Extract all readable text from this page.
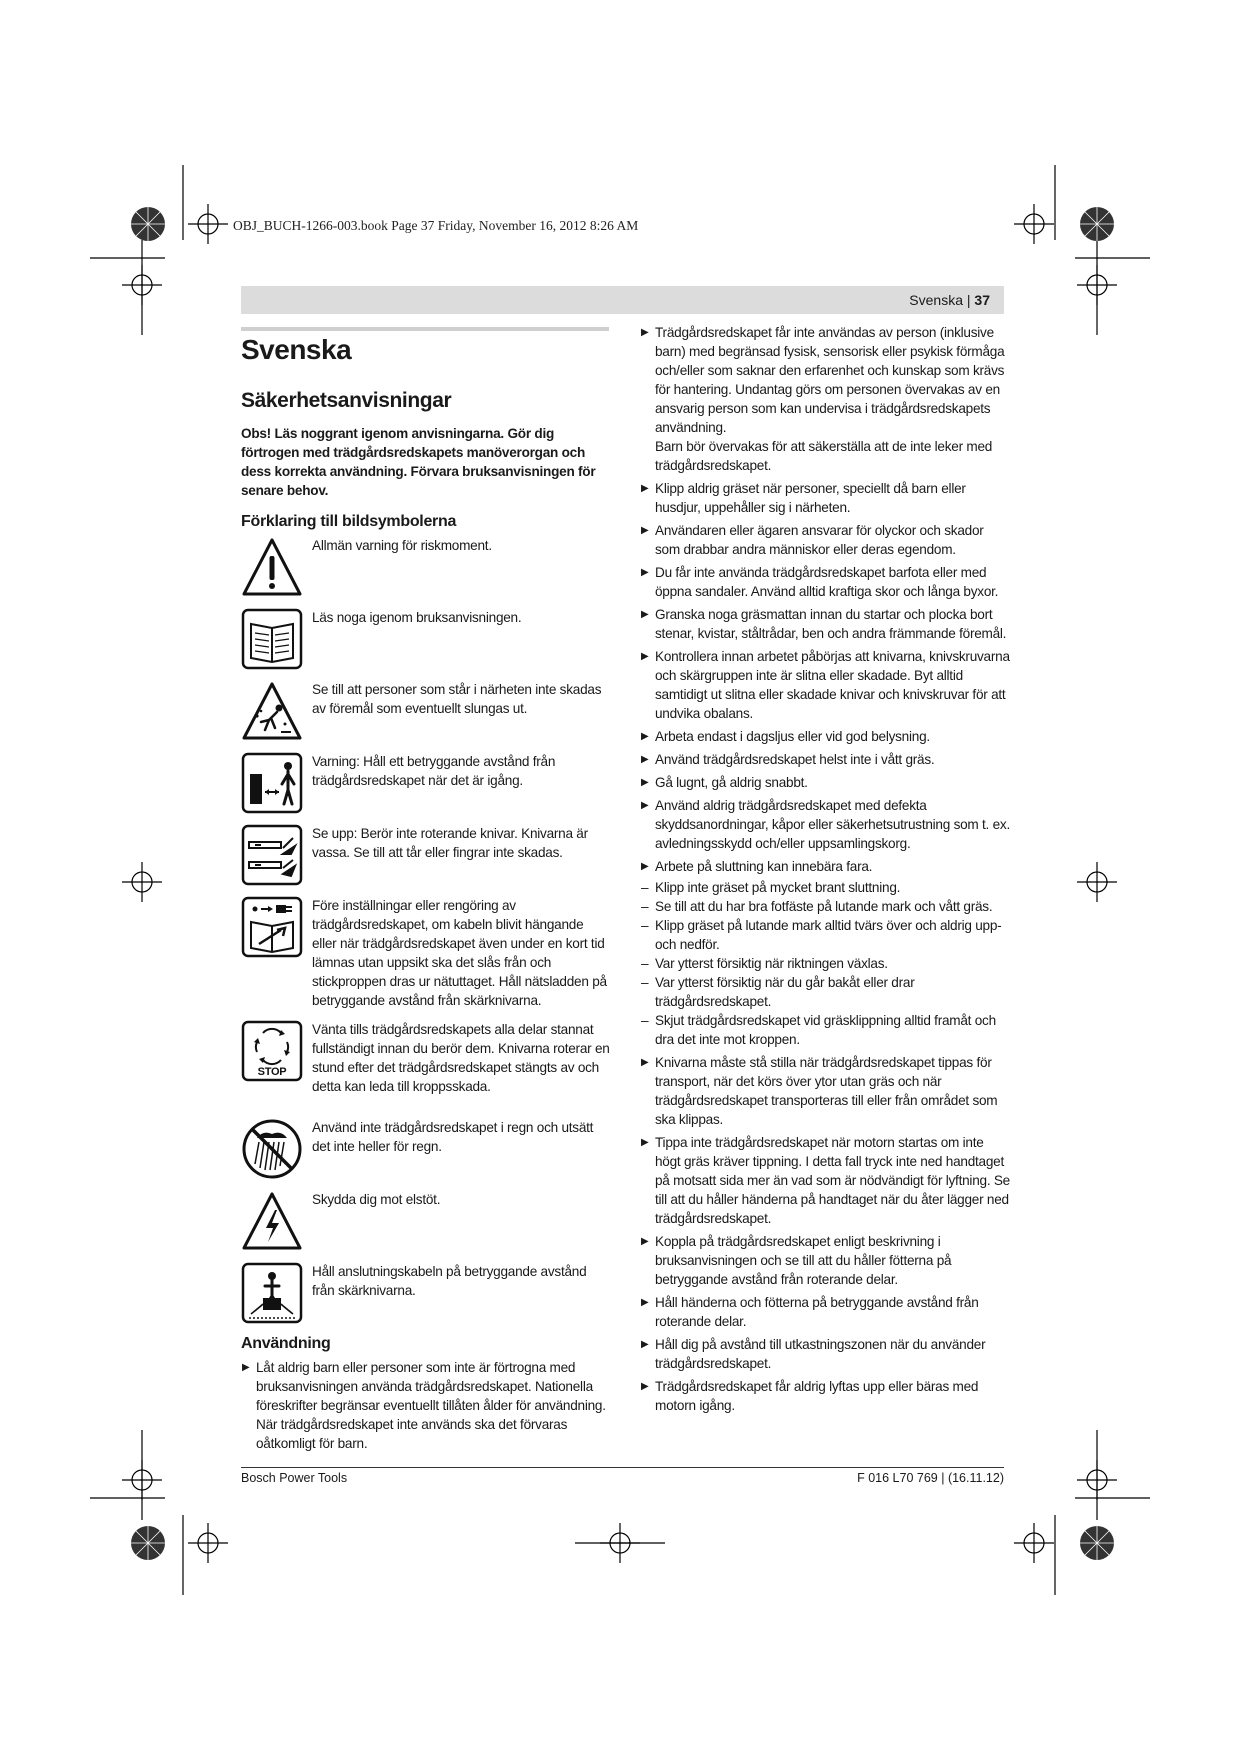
OBJ_BUCH-1266-003.book Page 37 Friday, November 16, 2012 8:26 AM
Svenska | 37
Svenska
Säkerhetsanvisningar

Obs! Läs noggrant igenom anvisningarna. Gör dig förtrogen med trädgårdsredskapets manöverorgan och dess korrekta användning. Förvara bruksanvisningen för senare behov.

Förklaring till bildsymbolerna
Allmän varning för riskmoment.
Läs noga igenom bruksanvisningen.
Se till att personer som står i närheten inte skadas av föremål som eventuellt slungas ut.
Varning: Håll ett betryggande avstånd från trädgårdsredskapet när det är igång.
Se upp: Berör inte roterande knivar. Knivarna är vassa. Se till att tår eller fingrar inte skadas.
Före inställningar eller rengöring av trädgårdsredskapet, om kabeln blivit hängande eller när trädgårdsredskapet även under en kort tid lämnas utan uppsikt ska det slås från och stickproppen dras ur nätuttaget. Håll nätsladden på betryggande avstånd från skärknivarna.
STOP
Vänta tills trädgårdsredskapets alla delar stannat fullständigt innan du berör dem. Knivarna roterar en stund efter det trädgårdsredskapet stängts av och detta kan leda till kroppsskada.
Använd inte trädgårdsredskapet i regn och utsätt det inte heller för regn.
Skydda dig mot elstöt.
Håll anslutningskabeln på betryggande avstånd från skärknivarna.
Användning
▶ Låt aldrig barn eller personer som inte är förtrogna med bruksanvisningen använda trädgårdsredskapet. Nationella föreskrifter begränsar eventuellt tillåten ålder för användning. När trädgårdsredskapet inte används ska det förvaras oåtkomligt för barn.
▶ Trädgårdsredskapet får inte användas av person (inklusive barn) med begränsad fysisk, sensorisk eller psykisk förmåga och/eller som saknar den erfarenhet och kunskap som krävs för hantering. Undantag görs om personen övervakas av en ansvarig person som kan undervisa i trädgårdsredskapets användning.
Barn bör övervakas för att säkerställa att de inte leker med trädgårdsredskapet.
▶ Klipp aldrig gräset när personer, speciellt då barn eller husdjur, uppehåller sig i närheten.
▶ Användaren eller ägaren ansvarar för olyckor och skador som drabbar andra människor eller deras egendom.
▶ Du får inte använda trädgårdsredskapet barfota eller med öppna sandaler. Använd alltid kraftiga skor och långa byxor.
▶ Granska noga gräsmattan innan du startar och plocka bort stenar, kvistar, ståltrådar, ben och andra främmande föremål.
▶ Kontrollera innan arbetet påbörjas att knivarna, knivskruvarna och skärgruppen inte är slitna eller skadade. Byt alltid samtidigt ut slitna eller skadade knivar och knivskruvar för att undvika obalans.
▶ Arbeta endast i dagsljus eller vid god belysning.
▶ Använd trädgårdsredskapet helst inte i vått gräs.
▶ Gå lugnt, gå aldrig snabbt.
▶ Använd aldrig trädgårdsredskapet med defekta skyddsanordningar, kåpor eller säkerhetsutrustning som t. ex. avledningsskydd och/eller uppsamlingskorg.
▶ Arbete på sluttning kan innebära fara.
– Klipp inte gräset på mycket brant sluttning.
– Se till att du har bra fotfäste på lutande mark och vått gräs.
– Klipp gräset på lutande mark alltid tvärs över och aldrig upp- och nedför.
– Var ytterst försiktig när riktningen växlas.
– Var ytterst försiktig när du går bakåt eller drar trädgårdsredskapet.
– Skjut trädgårdsredskapet vid gräsklippning alltid framåt och dra det inte mot kroppen.
▶ Knivarna måste stå stilla när trädgårdsredskapet tippas för transport, när det körs över ytor utan gräs och när trädgårdsredskapet transporteras till eller från området som ska klippas.
▶ Tippa inte trädgårdsredskapet när motorn startas om inte högt gräs kräver tippning. I detta fall tryck inte ned handtaget på motsatt sida mer än vad som är nödvändigt för lyftning. Se till att du håller händerna på handtaget när du åter lägger ned trädgårdsredskapet.
▶ Koppla på trädgårdsredskapet enligt beskrivning i bruksanvisningen och se till att du håller fötterna på betryggande avstånd från roterande delar.
▶ Håll händerna och fötterna på betryggande avstånd från roterande delar.
▶ Håll dig på avstånd till utkastningszonen när du använder trädgårdsredskapet.
▶ Trädgårdsredskapet får aldrig lyftas upp eller bäras med motorn igång.
Bosch Power Tools	F 016 L70 769 | (16.11.12)
